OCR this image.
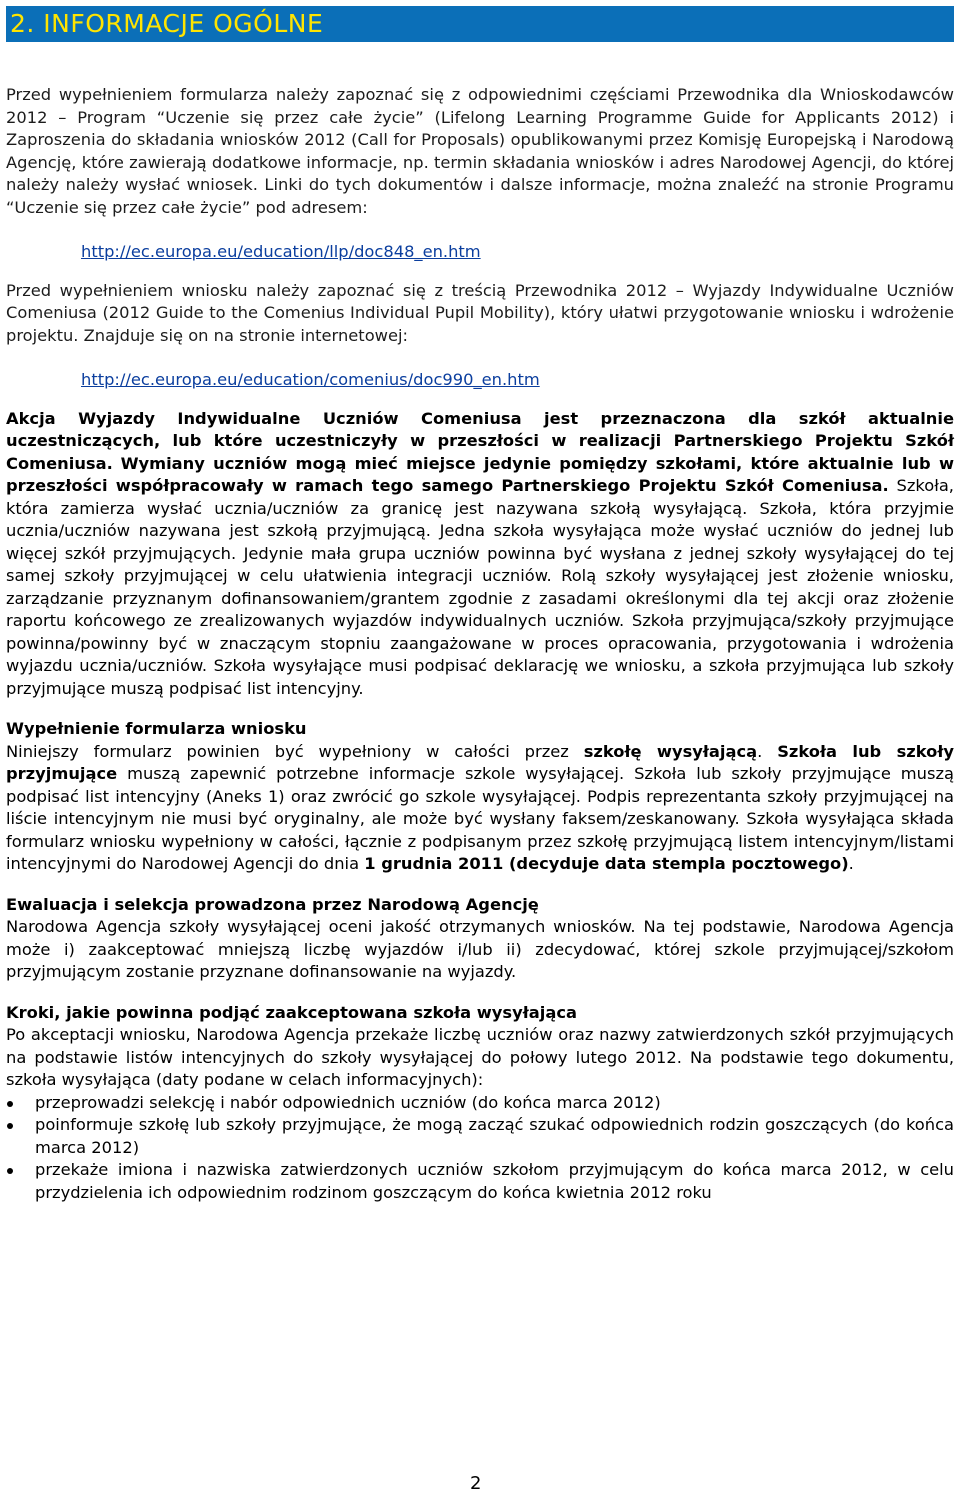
2. INFORMACJE OGÓLNE

Przed wypełnieniem formularza należy zapoznać się z odpowiednimi częściami Przewodnika dla Wnioskodawców 2012 – Program “Uczenie się przez całe życie” (Lifelong Learning Programme Guide for Applicants 2012) i Zaproszenia do składania wniosków 2012 (Call for Proposals) opublikowanymi przez Komisję Europejską i Narodową Agencję, które zawierają dodatkowe informacje, np. termin składania wniosków i adres Narodowej Agencji, do której należy należy wysłać wniosek. Linki do tych dokumentów i dalsze informacje, można znaleźć na stronie Programu “Uczenie się przez całe życie” pod adresem:

http://ec.europa.eu/education/llp/doc848_en.htm

Przed wypełnieniem wniosku należy zapoznać się z treścią Przewodnika 2012 – Wyjazdy Indywidualne Uczniów Comeniusa (2012 Guide to the Comenius Individual Pupil Mobility), który ułatwi przygotowanie wniosku i wdrożenie projektu. Znajduje się on na stronie internetowej:

http://ec.europa.eu/education/comenius/doc990_en.htm

Akcja Wyjazdy Indywidualne Uczniów Comeniusa jest przeznaczona dla szkół aktualnie uczestniczących, lub które uczestniczyły w przeszłości w realizacji Partnerskiego Projektu Szkół Comeniusa. Wymiany uczniów mogą mieć miejsce jedynie pomiędzy szkołami, które aktualnie lub w przeszłości współpracowały w ramach tego samego Partnerskiego Projektu Szkół Comeniusa. Szkoła, która zamierza wysłać ucznia/uczniów za granicę jest nazywana szkołą wysyłającą. Szkoła, która przyjmie ucznia/uczniów nazywana jest szkołą przyjmującą. Jedna szkoła wysyłająca może wysłać uczniów do jednej lub więcej szkół przyjmujących. Jedynie mała grupa uczniów powinna być wysłana z jednej szkoły wysyłającej do tej samej szkoły przyjmującej w celu ułatwienia integracji uczniów. Rolą szkoły wysyłającej jest złożenie wniosku, zarządzanie przyznanym dofinansowaniem/grantem zgodnie z zasadami określonymi dla tej akcji oraz złożenie raportu końcowego ze zrealizowanych wyjazdów indywidualnych uczniów. Szkoła przyjmująca/szkoły przyjmujące powinna/powinny być w znaczącym stopniu zaangażowane w proces opracowania, przygotowania i wdrożenia wyjazdu ucznia/uczniów. Szkoła wysyłające musi podpisać deklarację we wniosku, a szkoła przyjmująca lub szkoły przyjmujące muszą podpisać list intencyjny.

Wypełnienie formularza wniosku

Niniejszy formularz powinien być wypełniony w całości przez szkołę wysyłającą. Szkoła lub szkoły przyjmujące muszą zapewnić potrzebne informacje szkole wysyłającej. Szkoła lub szkoły przyjmujące muszą podpisać list intencyjny (Aneks 1) oraz zwrócić go szkole wysyłającej. Podpis reprezentanta szkoły przyjmującej na liście intencyjnym nie musi być oryginalny, ale może być wysłany faksem/zeskanowany. Szkoła wysyłająca składa formularz wniosku wypełniony w całości, łącznie z podpisanym przez szkołę przyjmującą listem intencyjnym/listami intencyjnymi do Narodowej Agencji do dnia 1 grudnia 2011 (decyduje data stempla pocztowego).

Ewaluacja i selekcja prowadzona przez Narodową Agencję

Narodowa Agencja szkoły wysyłającej oceni jakość otrzymanych wniosków. Na tej podstawie, Narodowa Agencja może i) zaakceptować mniejszą liczbę wyjazdów i/lub ii) zdecydować, której szkole przyjmującej/szkołom przyjmującym zostanie przyznane dofinansowanie na wyjazdy.

Kroki, jakie powinna podjąć zaakceptowana szkoła wysyłająca

Po akceptacji wniosku, Narodowa Agencja przekaże liczbę uczniów oraz nazwy zatwierdzonych szkół przyjmujących na podstawie listów intencyjnych do szkoły wysyłającej do połowy lutego 2012. Na podstawie tego dokumentu, szkoła wysyłająca (daty podane w celach informacyjnych):

przeprowadzi selekcję i nabór odpowiednich uczniów (do końca marca 2012)
poinformuje szkołę lub szkoły przyjmujące, że mogą zacząć szukać odpowiednich rodzin goszczących (do końca marca 2012)
przekaże imiona i nazwiska zatwierdzonych uczniów szkołom przyjmującym do końca marca 2012, w celu przydzielenia ich odpowiednim rodzinom goszczącym do końca kwietnia 2012 roku
2
